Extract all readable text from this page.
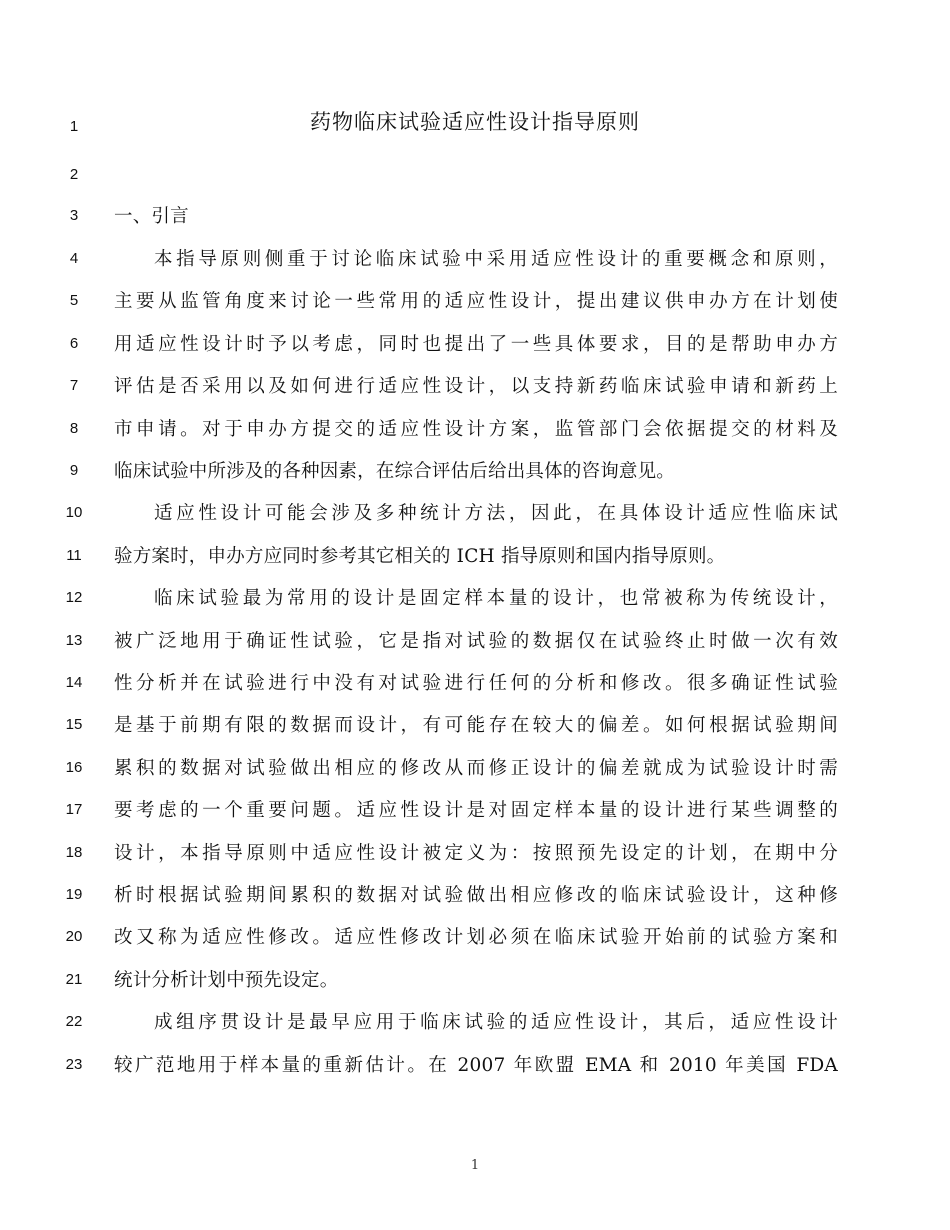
药物临床试验适应性设计指导原则
1
2
3
4
5
6
7
8
9
10
11
12
13
14
15
16
17
18
19
20
21
22
23
一、引言
本指导原则侧重于讨论临床试验中采用适应性设计的重要概念和原则，
主要从监管角度来讨论一些常用的适应性设计，提出建议供申办方在计划使
用适应性设计时予以考虑，同时也提出了一些具体要求，目的是帮助申办方
评估是否采用以及如何进行适应性设计，以支持新药临床试验申请和新药上
市申请。对于申办方提交的适应性设计方案，监管部门会依据提交的材料及
临床试验中所涉及的各种因素，在综合评估后给出具体的咨询意见。
适应性设计可能会涉及多种统计方法，因此，在具体设计适应性临床试
验方案时，申办方应同时参考其它相关的 ICH 指导原则和国内指导原则。
临床试验最为常用的设计是固定样本量的设计，也常被称为传统设计，
被广泛地用于确证性试验，它是指对试验的数据仅在试验终止时做一次有效
性分析并在试验进行中没有对试验进行任何的分析和修改。很多确证性试验
是基于前期有限的数据而设计，有可能存在较大的偏差。如何根据试验期间
累积的数据对试验做出相应的修改从而修正设计的偏差就成为试验设计时需
要考虑的一个重要问题。适应性设计是对固定样本量的设计进行某些调整的
设计，本指导原则中适应性设计被定义为：按照预先设定的计划，在期中分
析时根据试验期间累积的数据对试验做出相应修改的临床试验设计，这种修
改又称为适应性修改。适应性修改计划必须在临床试验开始前的试验方案和
统计分析计划中预先设定。
成组序贯设计是最早应用于临床试验的适应性设计，其后，适应性设计
较广范地用于样本量的重新估计。在 2007 年欧盟 EMA 和 2010 年美国 FDA
1
